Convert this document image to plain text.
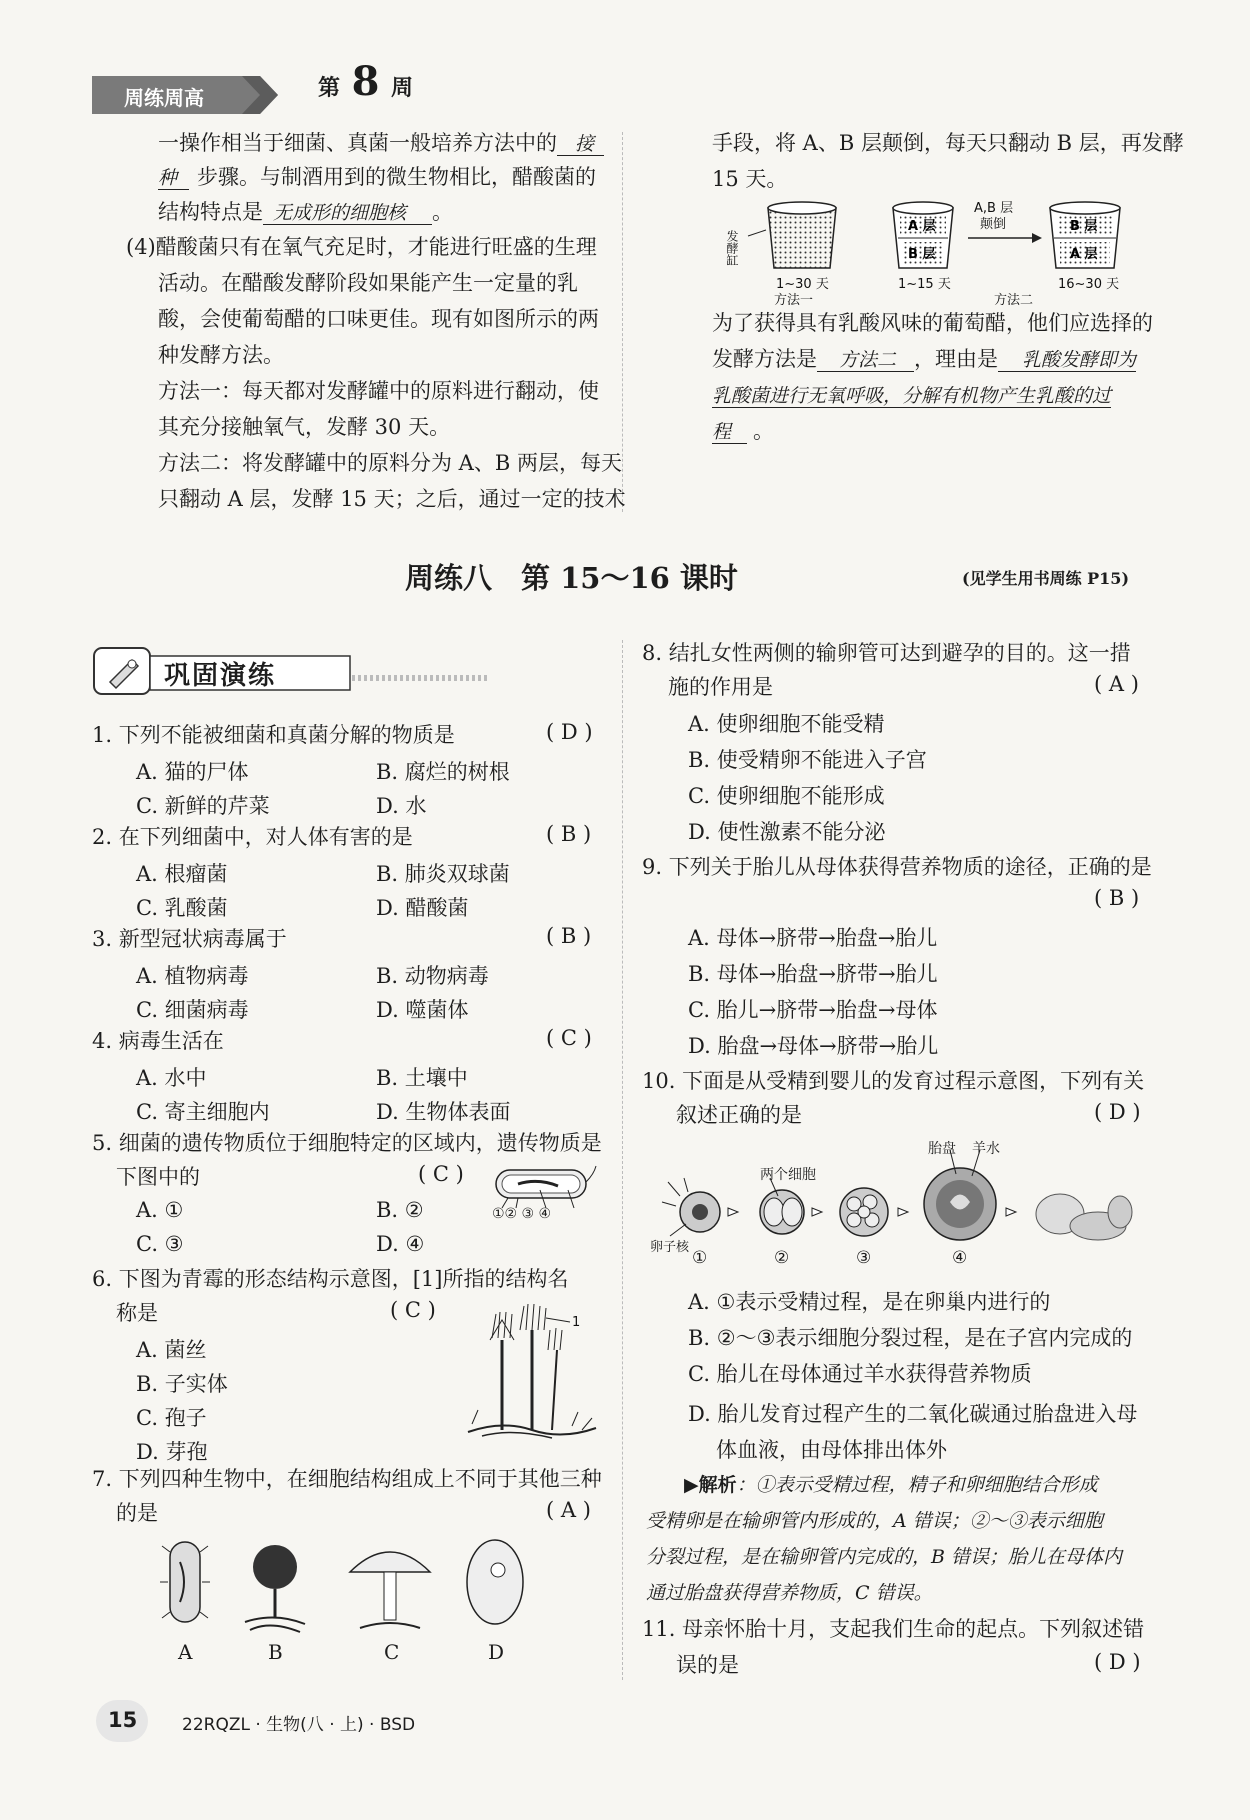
周练周高	第 8 周
一操作相当于细菌、真菌一般培养方法中的 接
种 步骤。与制酒用到的微生物相比，醋酸菌的
结构特点是 无成形的细胞核 。
(4)醋酸菌只有在氧气充足时，才能进行旺盛的生理
活动。在醋酸发酵阶段如果能产生一定量的乳
酸，会使葡萄醋的口味更佳。现有如图所示的两
种发酵方法。
方法一：每天都对发酵罐中的原料进行翻动，使
其充分接触氧气，发酵 30 天。
方法二：将发酵罐中的原料分为 A、B 两层，每天
只翻动 A 层，发酵 15 天；之后，通过一定的技术
手段，将 A、B 层颠倒，每天只翻动 B 层，再发酵
15 天。
发酵缸
1~30 天
方法一
A 层
B 层
1~15 天
A,B 层
颠倒	B 层
A 层
16~30 天
方法二
为了获得具有乳酸风味的葡萄醋，他们应选择的
发酵方法是 方法二 ，理由是 乳酸发酵即为
乳酸菌进行无氧呼吸，分解有机物产生乳酸的过
程 。
周练八　第 15～16 课时	(见学生用书周练 P15)
巩固演练
1. 下列不能被细菌和真菌分解的物质是	( D )
A. 猫的尸体	B. 腐烂的树根
C. 新鲜的芹菜	D. 水
2. 在下列细菌中，对人体有害的是	( B )
A. 根瘤菌	B. 肺炎双球菌
C. 乳酸菌	D. 醋酸菌
3. 新型冠状病毒属于	( B )
A. 植物病毒	B. 动物病毒
C. 细菌病毒	D. 噬菌体
4. 病毒生活在	( C )
A. 水中	B. 土壤中
C. 寄主细胞内	D. 生物体表面
5. 细菌的遗传物质位于细胞特定的区域内，遗传物质是
下图中的	( C )
A. ①	B. ②
C. ③	D. ④
①② ③ ④
6. 下图为青霉的形态结构示意图，[1]所指的结构名
称是	( C )
A. 菌丝
B. 子实体
C. 孢子
D. 芽孢
1
7. 下列四种生物中，在细胞结构组成上不同于其他三种
的是	( A )
A	B	C	D
8. 结扎女性两侧的输卵管可达到避孕的目的。这一措
施的作用是	( A )
A. 使卵细胞不能受精
B. 使受精卵不能进入子宫
C. 使卵细胞不能形成
D. 使性激素不能分泌
9. 下列关于胎儿从母体获得营养物质的途径，正确的是
( B )
A. 母体→脐带→胎盘→胎儿
B. 母体→胎盘→脐带→胎儿
C. 胎儿→脐带→胎盘→母体
D. 胎盘→母体→脐带→胎儿
10. 下面是从受精到婴儿的发育过程示意图，下列有关
叙述正确的是	( D )
胎盘 羊水
两个细胞
卵子核
①	②	③	④
A. ①表示受精过程，是在卵巢内进行的
B. ②～③表示细胞分裂过程，是在子宫内完成的
C. 胎儿在母体通过羊水获得营养物质
D. 胎儿发育过程产生的二氧化碳通过胎盘进入母
体血液，由母体排出体外
▶解析：①表示受精过程，精子和卵细胞结合形成
受精卵是在输卵管内形成的，A 错误；②～③表示细胞
分裂过程，是在输卵管内完成的，B 错误；胎儿在母体内
通过胎盘获得营养物质，C 错误。
11. 母亲怀胎十月，支起我们生命的起点。下列叙述错
误的是	( D )
15	22RQZL · 生物(八 · 上) · BSD
